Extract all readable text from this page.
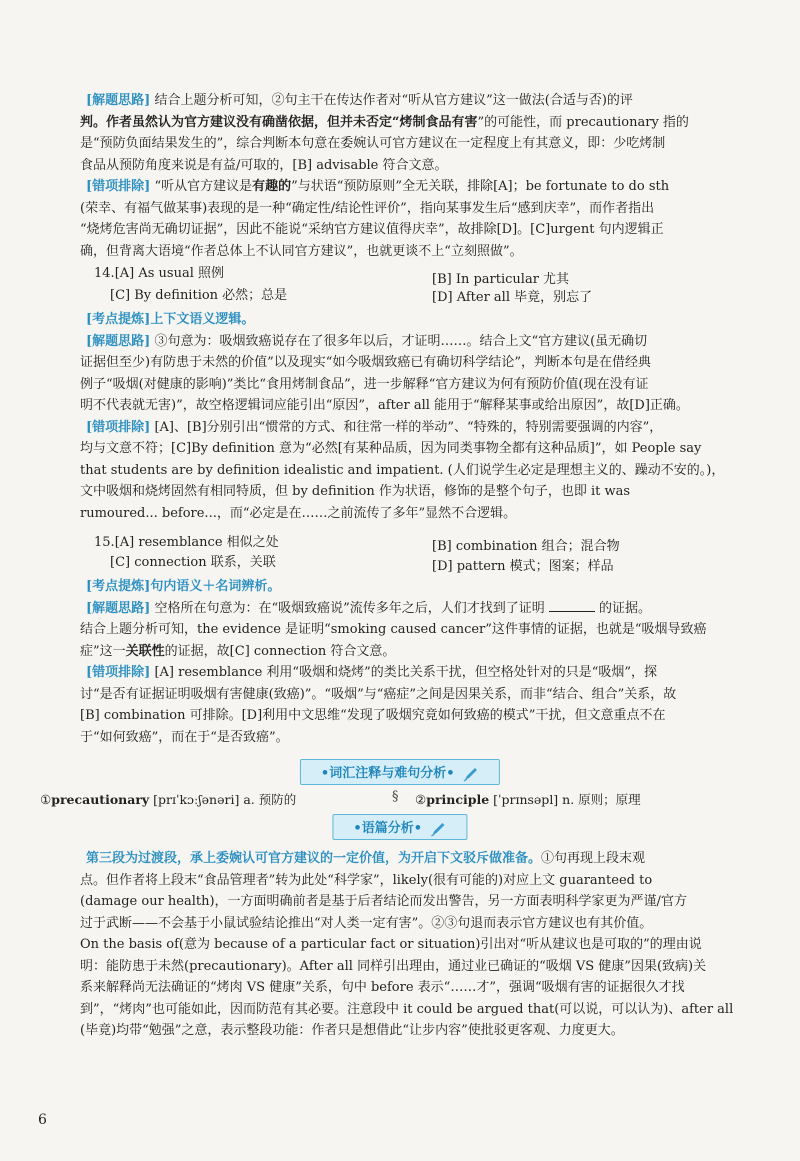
[解题思路] 结合上题分析可知，②句主干在传达作者对“听从官方建议”这一做法(合适与否)的评
判。作者虽然认为官方建议没有确凿依据，但并未否定“烤制食品有害”的可能性，而 precautionary 指的
是“预防负面结果发生的”，综合判断本句意在委婉认可官方建议在一定程度上有其意义，即：少吃烤制
食品从预防角度来说是有益/可取的，[B] advisable 符合文意。
[错项排除] “听从官方建议是有趣的”与状语“预防原则”全无关联，排除[A]；be fortunate to do sth
(荣幸、有福气做某事)表现的是一种“确定性/结论性评价”，指向某事发生后“感到庆幸”，而作者指出
“烧烤危害尚无确切证据”，因此不能说“采纳官方建议值得庆幸”，故排除[D]。[C]urgent 句内逻辑正
确，但背离大语境“作者总体上不认同官方建议”，也就更谈不上“立刻照做”。
14.[A] As usual 照例	[B] In particular 尤其
[C] By definition 必然；总是	[D] After all 毕竟，别忘了
[考点提炼]上下文语义逻辑。
[解题思路] ③句意为：吸烟致癌说存在了很多年以后，才证明……。结合上文“官方建议(虽无确切
证据但至少)有防患于未然的价值”以及现实“如今吸烟致癌已有确切科学结论”，判断本句是在借经典
例子“吸烟(对健康的影响)”类比“食用烤制食品”，进一步解释“官方建议为何有预防价值(现在没有证
明不代表就无害)”，故空格逻辑词应能引出“原因”，after all 能用于“解释某事或给出原因”，故[D]正确。
[错项排除] [A]、[B]分别引出“惯常的方式、和往常一样的举动”、“特殊的，特别需要强调的内容”，
均与文意不符；[C]By definition 意为“必然[有某种品质，因为同类事物全都有这种品质]”，如 People say
that students are by definition idealistic and impatient. (人们说学生必定是理想主义的、躁动不安的。)，
文中吸烟和烧烤固然有相同特质，但 by definition 作为状语，修饰的是整个句子，也即 it was
rumoured... before...，而“必定是在……之前流传了多年”显然不合逻辑。
15.[A] resemblance 相似之处	[B] combination 组合；混合物
[C] connection 联系，关联	[D] pattern 模式；图案；样品
[考点提炼]句内语义＋名词辨析。
[解题思路] 空格所在句意为：在“吸烟致癌说”流传多年之后，人们才找到了证明	的证据。
结合上题分析可知，the evidence 是证明“smoking caused cancer”这件事情的证据，也就是“吸烟导致癌
症”这一关联性的证据，故[C] connection 符合文意。
[错项排除] [A] resemblance 利用“吸烟和烧烤”的类比关系干扰，但空格处针对的只是“吸烟”，探
讨“是否有证据证明吸烟有害健康(致癌)”。“吸烟”与“癌症”之间是因果关系，而非“结合、组合”关系，故
[B] combination 可排除。[D]利用中文思维“发现了吸烟究竟如何致癌的模式”干扰，但文意重点不在
于“如何致癌”，而在于“是否致癌”。
•词汇注释与难句分析•
①precautionary [prɪˈkɔːʃənəri] a. 预防的	§ ②principle [ˈprɪnsəpl] n. 原则；原理
•语篇分析•
第三段为过渡段，承上委婉认可官方建议的一定价值，为开启下文驳斥做准备。①句再现上段末观
点。但作者将上段末“食品管理者”转为此处“科学家”，likely(很有可能的)对应上文 guaranteed to
(damage our health)，一方面明确前者是基于后者结论而发出警告，另一方面表明科学家更为严谨/官方
过于武断——不会基于小鼠试验结论推出“对人类一定有害”。②③句退而表示官方建议也有其价值。
On the basis of(意为 because of a particular fact or situation)引出对“听从建议也是可取的”的理由说
明：能防患于未然(precautionary)。After all 同样引出理由，通过业已确证的“吸烟 VS 健康”因果(致病)关
系来解释尚无法确证的“烤肉 VS 健康”关系，句中 before 表示“……才”，强调“吸烟有害的证据很久才找
到”，“烤肉”也可能如此，因而防范有其必要。注意段中 it could be argued that(可以说，可以认为)、after all
(毕竟)均带“勉强”之意，表示整段功能：作者只是想借此“让步内容”使批驳更客观、力度更大。
6
